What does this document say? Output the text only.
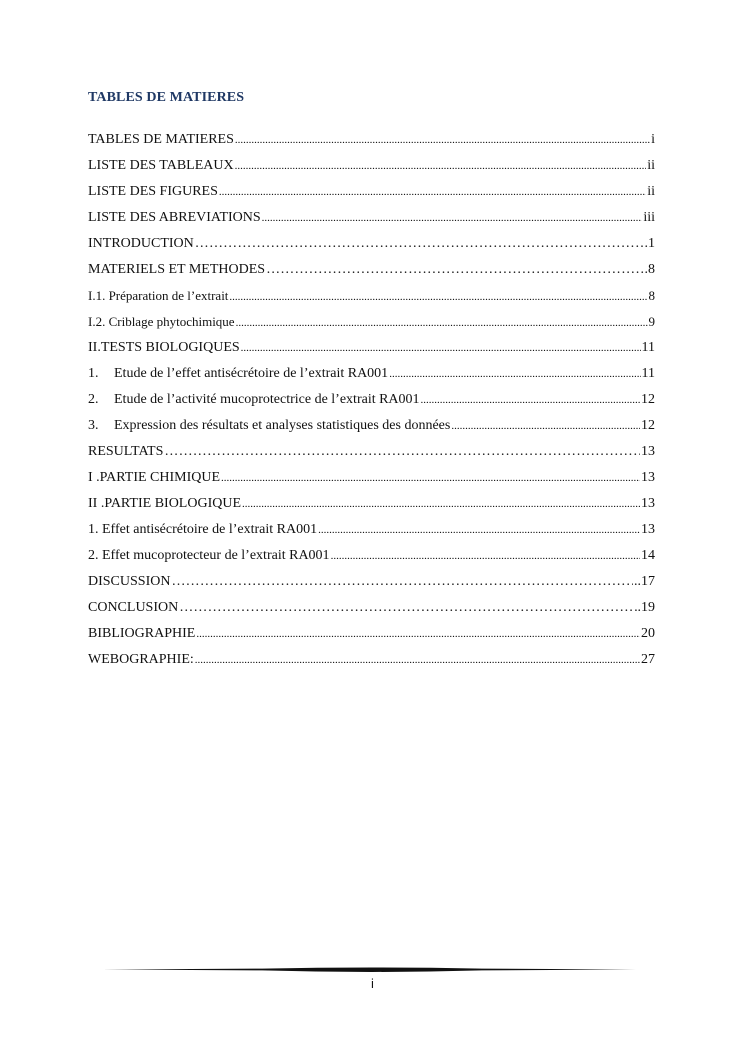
TABLES DE MATIERES
TABLES DE MATIERES .....	i
LISTE DES TABLEAUX .....	ii
LISTE DES FIGURES .....	ii
LISTE DES ABREVIATIONS .....	iii
INTRODUCTION ……………………………………………………………………………………………………………………………………………………	.1
MATERIELS ET METHODES ……………………………………………………………………………………………………………………………………………………	.8
I.1. Préparation de l’extrait .....	8
I.2. Criblage phytochimique .....	9
II.TESTS BIOLOGIQUES .....	11
1.	Etude de l’effet antisécrétoire de l’extrait RA001 .....	11
2.	Etude de l’activité mucoprotectrice de l’extrait RA001 .....	12
3.	Expression des résultats et analyses statistiques des données .....	12
RESULTATS ……………………………………………………………………………………………………………………………………………………	13
I .PARTIE CHIMIQUE .....	13
II .PARTIE BIOLOGIQUE .....	13
1. Effet antisécrétoire de l’extrait RA001 .....	13
2. Effet mucoprotecteur de l’extrait RA001 .....	14
DISCUSSION ……………………………………………………………………………………………………………………………………………………	..17
CONCLUSION ……………………………………………………………………………………………………………………………………………………	.19
BIBLIOGRAPHIE .....	20
WEBOGRAPHIE: .....	27
i
